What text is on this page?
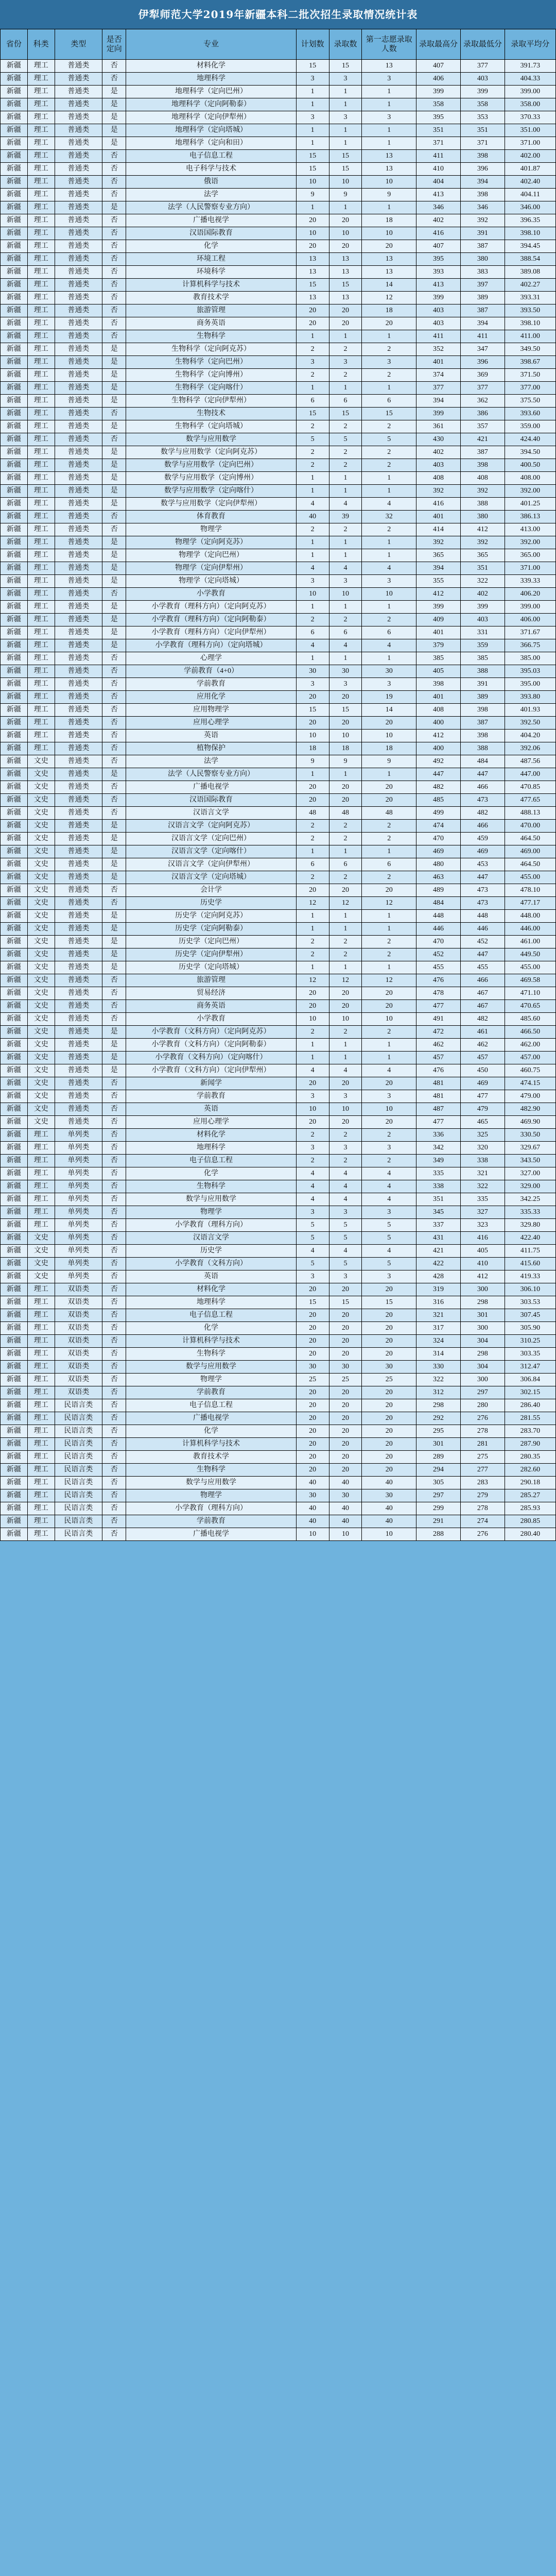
伊犁师范大学2019年新疆本科二批次招生录取情况统计表
省份	科类	类型	是否定向	专业	计划数	录取数	第一志愿录取人数	录取最高分	录取最低分	录取平均分
新疆	理工	普通类	否	材料化学	15	15	13	407	377	391.73
新疆	理工	普通类	否	地理科学	3	3	3	406	403	404.33
新疆	理工	普通类	是	地理科学（定向巴州）	1	1	1	399	399	399.00
新疆	理工	普通类	是	地理科学（定向阿勒泰）	1	1	1	358	358	358.00
新疆	理工	普通类	是	地理科学（定向伊犁州）	3	3	3	395	353	370.33
新疆	理工	普通类	是	地理科学（定向塔城）	1	1	1	351	351	351.00
新疆	理工	普通类	是	地理科学（定向和田）	1	1	1	371	371	371.00
新疆	理工	普通类	否	电子信息工程	15	15	13	411	398	402.00
新疆	理工	普通类	否	电子科学与技术	15	15	13	410	396	401.87
新疆	理工	普通类	否	俄语	10	10	10	404	394	402.40
新疆	理工	普通类	否	法学	9	9	9	413	398	404.11
新疆	理工	普通类	是	法学（人民警察专业方向）	1	1	1	346	346	346.00
新疆	理工	普通类	否	广播电视学	20	20	18	402	392	396.35
新疆	理工	普通类	否	汉语国际教育	10	10	10	416	391	398.10
新疆	理工	普通类	否	化学	20	20	20	407	387	394.45
新疆	理工	普通类	否	环境工程	13	13	13	395	380	388.54
新疆	理工	普通类	否	环境科学	13	13	13	393	383	389.08
新疆	理工	普通类	否	计算机科学与技术	15	15	14	413	397	402.27
新疆	理工	普通类	否	教育技术学	13	13	12	399	389	393.31
新疆	理工	普通类	否	旅游管理	20	20	18	403	387	393.50
新疆	理工	普通类	否	商务英语	20	20	20	403	394	398.10
新疆	理工	普通类	否	生物科学	1	1	1	411	411	411.00
新疆	理工	普通类	是	生物科学（定向阿克苏）	2	2	2	352	347	349.50
新疆	理工	普通类	是	生物科学（定向巴州）	3	3	3	401	396	398.67
新疆	理工	普通类	是	生物科学（定向博州）	2	2	2	374	369	371.50
新疆	理工	普通类	是	生物科学（定向喀什）	1	1	1	377	377	377.00
新疆	理工	普通类	是	生物科学（定向伊犁州）	6	6	6	394	362	375.50
新疆	理工	普通类	否	生物技术	15	15	15	399	386	393.60
新疆	理工	普通类	是	生物科学（定向塔城）	2	2	2	361	357	359.00
新疆	理工	普通类	否	数学与应用数学	5	5	5	430	421	424.40
新疆	理工	普通类	是	数学与应用数学（定向阿克苏）	2	2	2	402	387	394.50
新疆	理工	普通类	是	数学与应用数学（定向巴州）	2	2	2	403	398	400.50
新疆	理工	普通类	是	数学与应用数学（定向博州）	1	1	1	408	408	408.00
新疆	理工	普通类	是	数学与应用数学（定向喀什）	1	1	1	392	392	392.00
新疆	理工	普通类	是	数学与应用数学（定向伊犁州）	4	4	4	416	388	401.25
新疆	理工	普通类	否	体育教育	40	39	32	401	380	386.13
新疆	理工	普通类	否	物理学	2	2	2	414	412	413.00
新疆	理工	普通类	是	物理学（定向阿克苏）	1	1	1	392	392	392.00
新疆	理工	普通类	是	物理学（定向巴州）	1	1	1	365	365	365.00
新疆	理工	普通类	是	物理学（定向伊犁州）	4	4	4	394	351	371.00
新疆	理工	普通类	是	物理学（定向塔城）	3	3	3	355	322	339.33
新疆	理工	普通类	否	小学教育	10	10	10	412	402	406.20
新疆	理工	普通类	是	小学教育（理科方向）（定向阿克苏）	1	1	1	399	399	399.00
新疆	理工	普通类	是	小学教育（理科方向）（定向阿勒泰）	2	2	2	409	403	406.00
新疆	理工	普通类	是	小学教育（理科方向）（定向伊犁州）	6	6	6	401	331	371.67
新疆	理工	普通类	是	小学教育（理科方向）（定向塔城）	4	4	4	379	359	366.75
新疆	理工	普通类	否	心理学	1	1	1	385	385	385.00
新疆	理工	普通类	否	学前教育（4+0）	30	30	30	405	388	395.03
新疆	理工	普通类	否	学前教育	3	3	3	398	391	395.00
新疆	理工	普通类	否	应用化学	20	20	19	401	389	393.80
新疆	理工	普通类	否	应用物理学	15	15	14	408	398	401.93
新疆	理工	普通类	否	应用心理学	20	20	20	400	387	392.50
新疆	理工	普通类	否	英语	10	10	10	412	398	404.20
新疆	理工	普通类	否	植物保护	18	18	18	400	388	392.06
新疆	文史	普通类	否	法学	9	9	9	492	484	487.56
新疆	文史	普通类	是	法学（人民警察专业方向）	1	1	1	447	447	447.00
新疆	文史	普通类	否	广播电视学	20	20	20	482	466	470.85
新疆	文史	普通类	否	汉语国际教育	20	20	20	485	473	477.65
新疆	文史	普通类	否	汉语言文学	48	48	48	499	482	488.13
新疆	文史	普通类	是	汉语言文学（定向阿克苏）	2	2	2	474	466	470.00
新疆	文史	普通类	是	汉语言文学（定向巴州）	2	2	2	470	459	464.50
新疆	文史	普通类	是	汉语言文学（定向喀什）	1	1	1	469	469	469.00
新疆	文史	普通类	是	汉语言文学（定向伊犁州）	6	6	6	480	453	464.50
新疆	文史	普通类	是	汉语言文学（定向塔城）	2	2	2	463	447	455.00
新疆	文史	普通类	否	会计学	20	20	20	489	473	478.10
新疆	文史	普通类	否	历史学	12	12	12	484	473	477.17
新疆	文史	普通类	是	历史学（定向阿克苏）	1	1	1	448	448	448.00
新疆	文史	普通类	是	历史学（定向阿勒泰）	1	1	1	446	446	446.00
新疆	文史	普通类	是	历史学（定向巴州）	2	2	2	470	452	461.00
新疆	文史	普通类	是	历史学（定向伊犁州）	2	2	2	452	447	449.50
新疆	文史	普通类	是	历史学（定向塔城）	1	1	1	455	455	455.00
新疆	文史	普通类	否	旅游管理	12	12	12	476	466	469.58
新疆	文史	普通类	否	贸易经济	20	20	20	478	467	471.10
新疆	文史	普通类	否	商务英语	20	20	20	477	467	470.65
新疆	文史	普通类	否	小学教育	10	10	10	491	482	485.60
新疆	文史	普通类	是	小学教育（文科方向）（定向阿克苏）	2	2	2	472	461	466.50
新疆	文史	普通类	是	小学教育（文科方向）（定向阿勒泰）	1	1	1	462	462	462.00
新疆	文史	普通类	是	小学教育（文科方向）（定向喀什）	1	1	1	457	457	457.00
新疆	文史	普通类	是	小学教育（文科方向）（定向伊犁州）	4	4	4	476	450	460.75
新疆	文史	普通类	否	新闻学	20	20	20	481	469	474.15
新疆	文史	普通类	否	学前教育	3	3	3	481	477	479.00
新疆	文史	普通类	否	英语	10	10	10	487	479	482.90
新疆	文史	普通类	否	应用心理学	20	20	20	477	465	469.90
新疆	理工	单列类	否	材料化学	2	2	2	336	325	330.50
新疆	理工	单列类	否	地理科学	3	3	3	342	320	329.67
新疆	理工	单列类	否	电子信息工程	2	2	2	349	338	343.50
新疆	理工	单列类	否	化学	4	4	4	335	321	327.00
新疆	理工	单列类	否	生物科学	4	4	4	338	322	329.00
新疆	理工	单列类	否	数学与应用数学	4	4	4	351	335	342.25
新疆	理工	单列类	否	物理学	3	3	3	345	327	335.33
新疆	理工	单列类	否	小学教育（理科方向）	5	5	5	337	323	329.80
新疆	文史	单列类	否	汉语言文学	5	5	5	431	416	422.40
新疆	文史	单列类	否	历史学	4	4	4	421	405	411.75
新疆	文史	单列类	否	小学教育（文科方向）	5	5	5	422	410	415.60
新疆	文史	单列类	否	英语	3	3	3	428	412	419.33
新疆	理工	双语类	否	材料化学	20	20	20	319	300	306.10
新疆	理工	双语类	否	地理科学	15	15	15	316	298	303.53
新疆	理工	双语类	否	电子信息工程	20	20	20	321	301	307.45
新疆	理工	双语类	否	化学	20	20	20	317	300	305.90
新疆	理工	双语类	否	计算机科学与技术	20	20	20	324	304	310.25
新疆	理工	双语类	否	生物科学	20	20	20	314	298	303.35
新疆	理工	双语类	否	数学与应用数学	30	30	30	330	304	312.47
新疆	理工	双语类	否	物理学	25	25	25	322	300	306.84
新疆	理工	双语类	否	学前教育	20	20	20	312	297	302.15
新疆	理工	民语言类	否	电子信息工程	20	20	20	298	280	286.40
新疆	理工	民语言类	否	广播电视学	20	20	20	292	276	281.55
新疆	理工	民语言类	否	化学	20	20	20	295	278	283.70
新疆	理工	民语言类	否	计算机科学与技术	20	20	20	301	281	287.90
新疆	理工	民语言类	否	教育技术学	20	20	20	289	275	280.35
新疆	理工	民语言类	否	生物科学	20	20	20	294	277	282.60
新疆	理工	民语言类	否	数学与应用数学	40	40	40	305	283	290.18
新疆	理工	民语言类	否	物理学	30	30	30	297	279	285.27
新疆	理工	民语言类	否	小学教育（理科方向）	40	40	40	299	278	285.93
新疆	理工	民语言类	否	学前教育	40	40	40	291	274	280.85
新疆	理工	民语言类	否	广播电视学	10	10	10	288	276	280.40
